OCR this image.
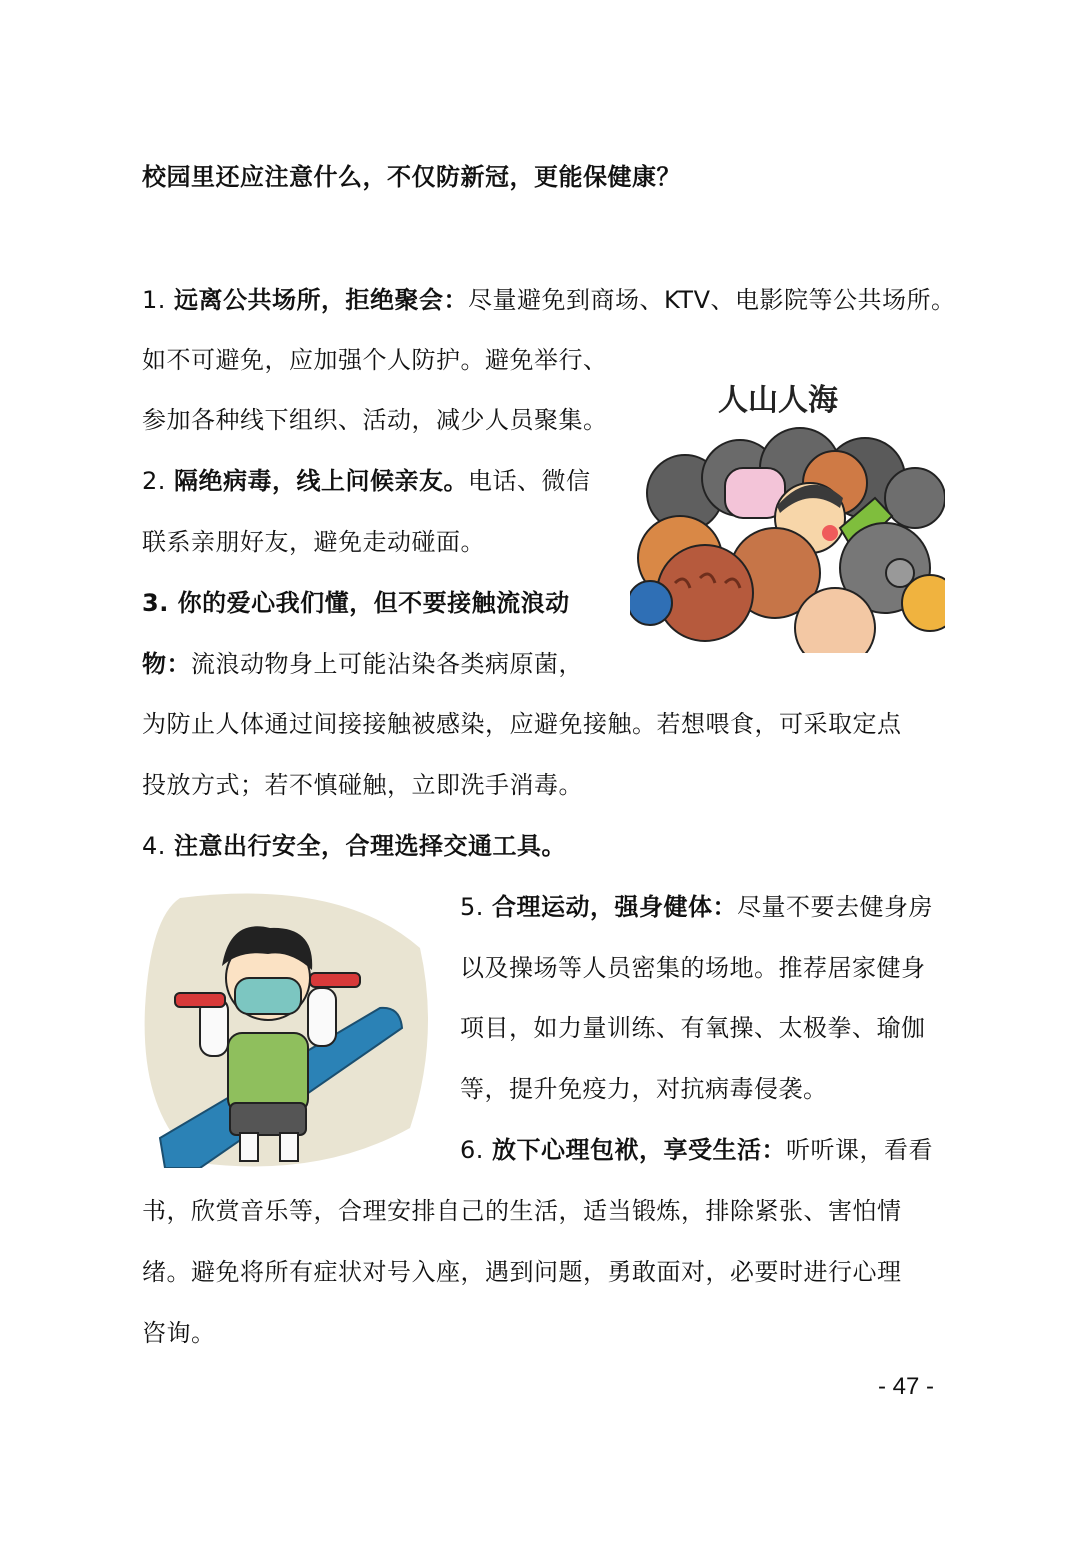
校园里还应注意什么，不仅防新冠，更能保健康？
1. 远离公共场所，拒绝聚会：尽量避免到商场、KTV、电影院等公共场所。
如不可避免，应加强个人防护。避免举行、
参加各种线下组织、活动，减少人员聚集。
2. 隔绝病毒，线上问候亲友。电话、微信
联系亲朋好友，避免走动碰面。
3. 你的爱心我们懂，但不要接触流浪动
物：流浪动物身上可能沾染各类病原菌，
为防止人体通过间接接触被感染，应避免接触。若想喂食，可采取定点
投放方式；若不慎碰触，立即洗手消毒。
4. 注意出行安全，合理选择交通工具。
5. 合理运动，强身健体：尽量不要去健身房
以及操场等人员密集的场地。推荐居家健身
项目，如力量训练、有氧操、太极拳、瑜伽
等，提升免疫力，对抗病毒侵袭。
6. 放下心理包袱，享受生活：听听课，看看
书，欣赏音乐等，合理安排自己的生活，适当锻炼，排除紧张、害怕情
绪。避免将所有症状对号入座，遇到问题，勇敢面对，必要时进行心理
咨询。
人山人海
- 47 -
